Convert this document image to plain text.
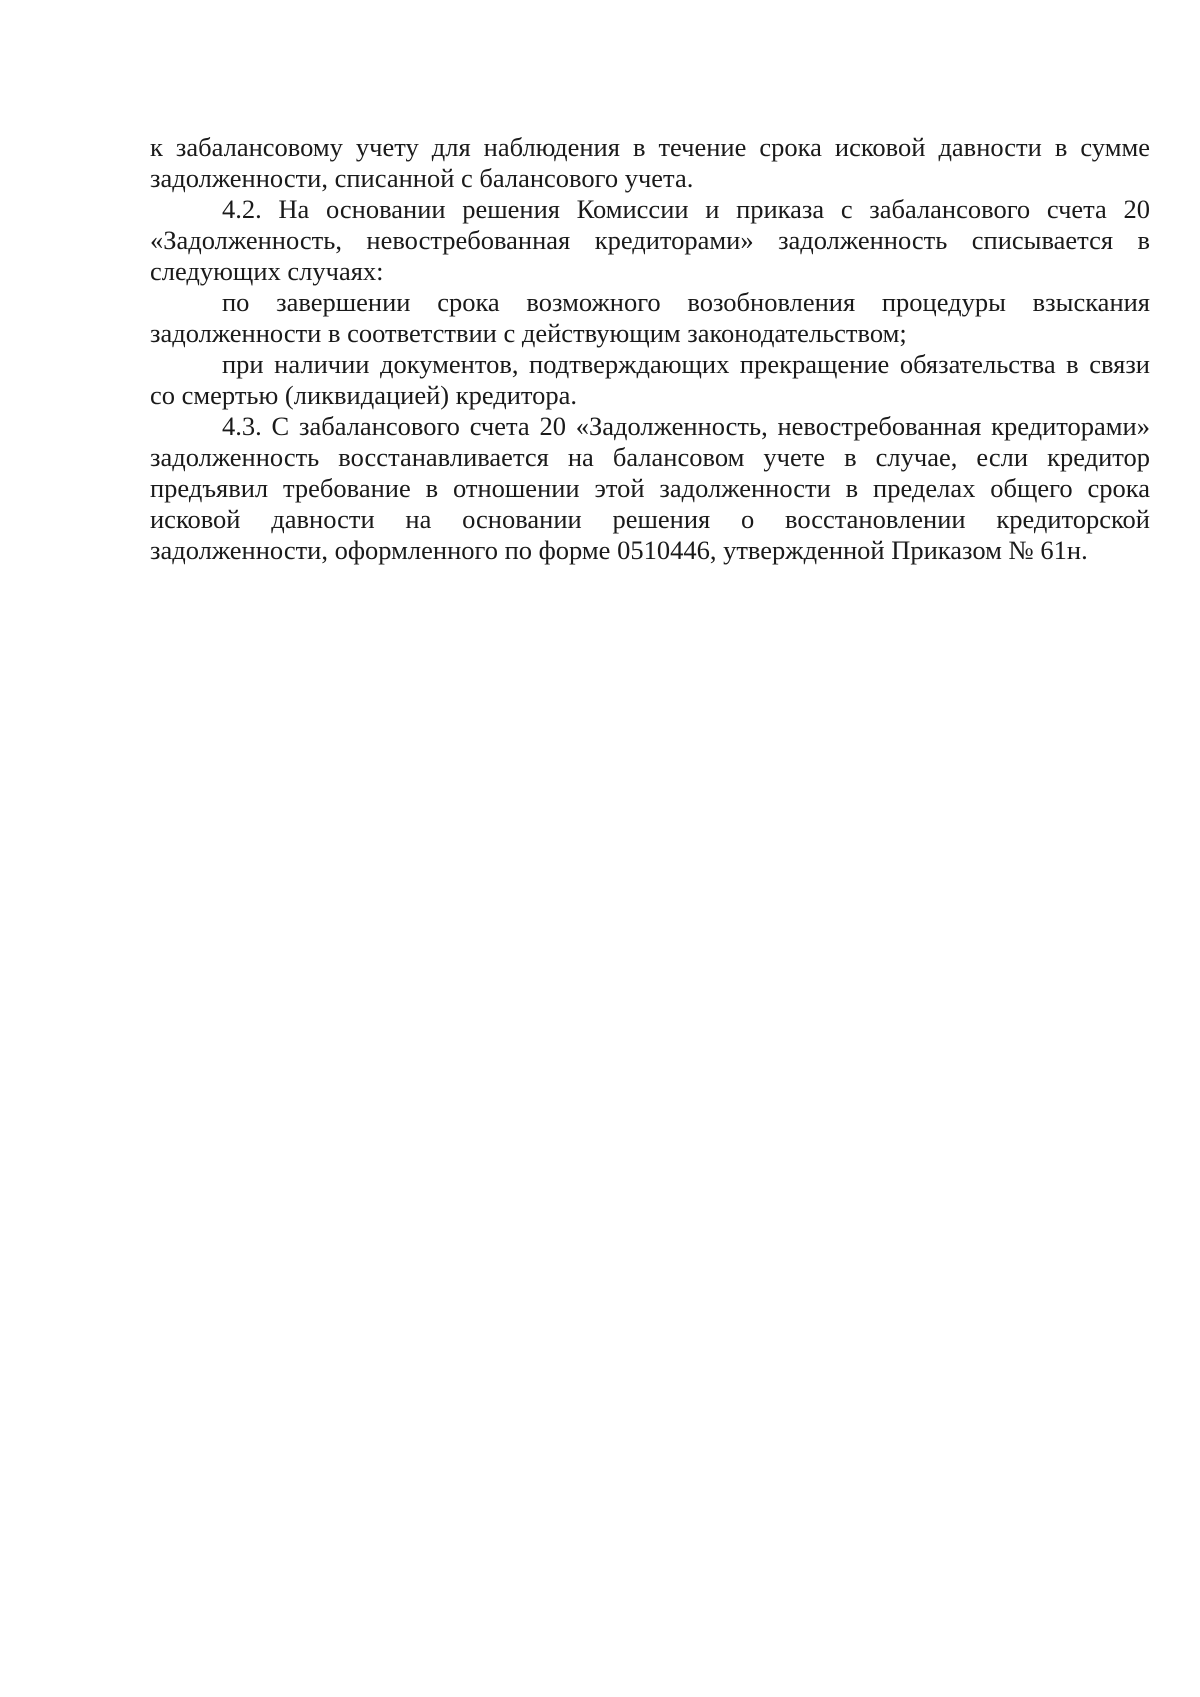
к забалансовому учету для наблюдения в течение срока исковой давности в сумме задолженности, списанной с балансового учета.

4.2. На основании решения Комиссии и приказа с забалансового счета 20 «Задолженность, невостребованная кредиторами» задолженность списывается в следующих случаях:

по завершении срока возможного возобновления процедуры взыскания задолженности в соответствии с действующим законодательством;

при наличии документов, подтверждающих прекращение обязательства в связи со смертью (ликвидацией) кредитора.

4.3. С забалансового счета 20 «Задолженность, невостребованная кредиторами» задолженность восстанавливается на балансовом учете в случае, если кредитор предъявил требование в отношении этой задолженности в пределах общего срока исковой давности на основании решения о восстановлении кредиторской задолженности, оформленного по форме 0510446, утвержденной Приказом № 61н.
